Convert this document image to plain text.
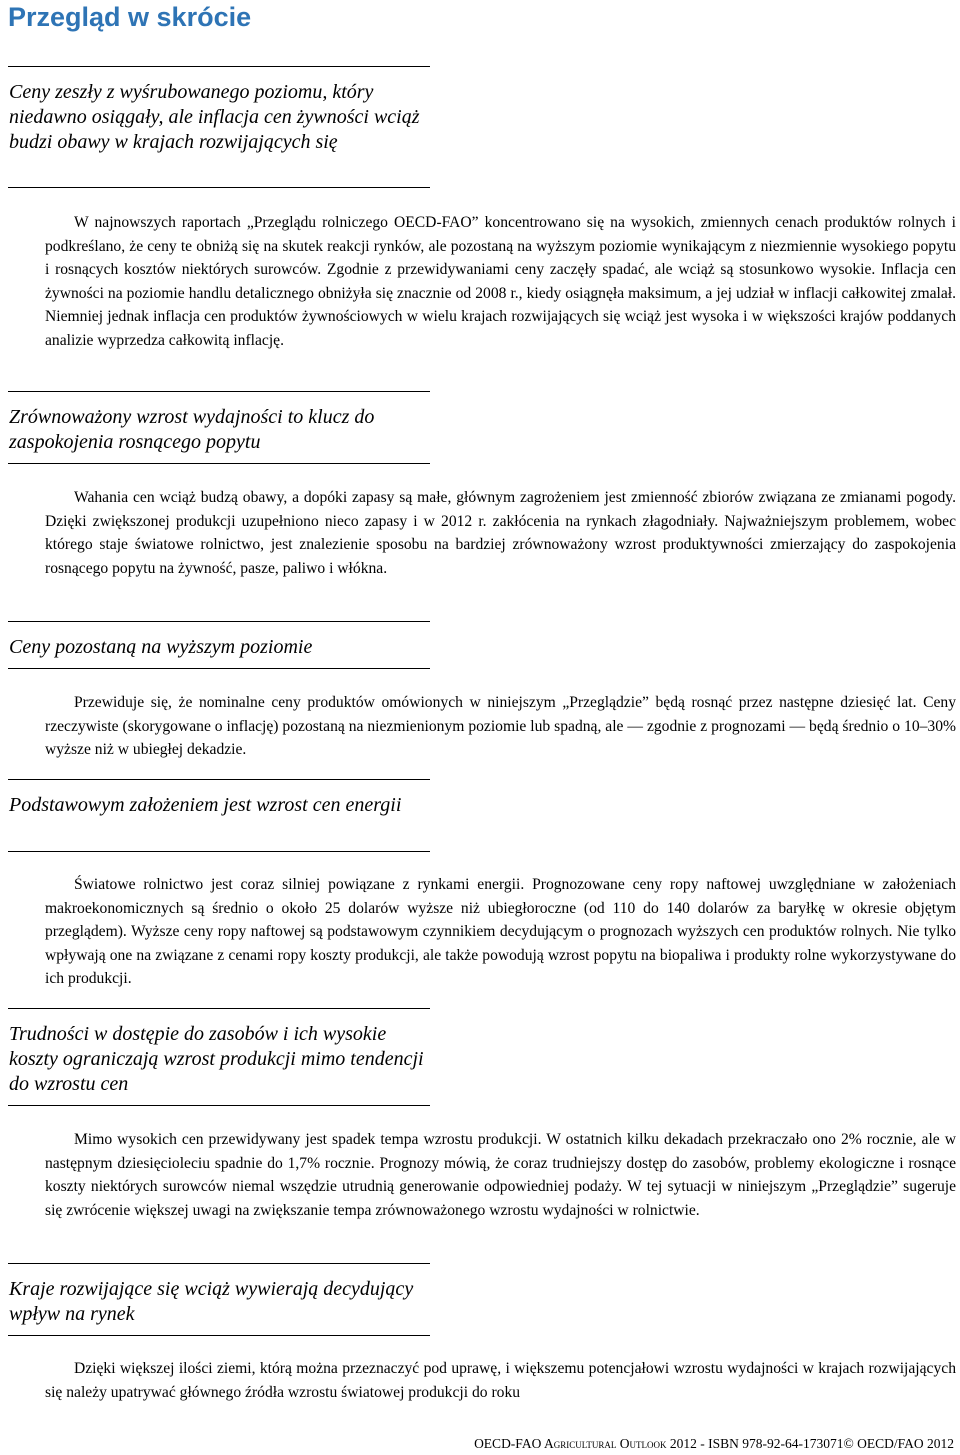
Przegląd w skrócie
Ceny zeszły z wyśrubowanego poziomu, który niedawno osiągały, ale inflacja cen żywności wciąż budzi obawy w krajach rozwijających się

W najnowszych raportach „Przeglądu rolniczego OECD-FAO” koncentrowano się na wysokich, zmiennych cenach produktów rolnych i podkreślano, że ceny te obniżą się na skutek reakcji rynków, ale pozostaną na wyższym poziomie wynikającym z niezmiennie wysokiego popytu i rosnących kosztów niektórych surowców. Zgodnie z przewidywaniami ceny zaczęły spadać, ale wciąż są stosunkowo wysokie. Inflacja cen żywności na poziomie handlu detalicznego obniżyła się znacznie od 2008 r., kiedy osiągnęła maksimum, a jej udział w inflacji całkowitej zmalał. Niemniej jednak inflacja cen produktów żywnościowych w wielu krajach rozwijających się wciąż jest wysoka i w większości krajów poddanych analizie wyprzedza całkowitą inflację.

Zrównoważony wzrost wydajności to klucz do zaspokojenia rosnącego popytu

Wahania cen wciąż budzą obawy, a dopóki zapasy są małe, głównym zagrożeniem jest zmienność zbiorów związana ze zmianami pogody. Dzięki zwiększonej produkcji uzupełniono nieco zapasy i w 2012 r. zakłócenia na rynkach złagodniały. Najważniejszym problemem, wobec którego staje światowe rolnictwo, jest znalezienie sposobu na bardziej zrównoważony wzrost produktywności zmierzający do zaspokojenia rosnącego popytu na żywność, pasze, paliwo i włókna.

Ceny pozostaną na wyższym poziomie

Przewiduje się, że nominalne ceny produktów omówionych w niniejszym „Przeglądzie” będą rosnąć przez następne dziesięć lat. Ceny rzeczywiste (skorygowane o inflację) pozostaną na niezmienionym poziomie lub spadną, ale — zgodnie z prognozami — będą średnio o 10–30% wyższe niż w ubiegłej dekadzie.

Podstawowym założeniem jest wzrost cen energii

Światowe rolnictwo jest coraz silniej powiązane z rynkami energii. Prognozowane ceny ropy naftowej uwzględniane w założeniach makroekonomicznych są średnio o około 25 dolarów wyższe niż ubiegłoroczne (od 110 do 140 dolarów za baryłkę w okresie objętym przeglądem). Wyższe ceny ropy naftowej są podstawowym czynnikiem decydującym o prognozach wyższych cen produktów rolnych. Nie tylko wpływają one na związane z cenami ropy koszty produkcji, ale także powodują wzrost popytu na biopaliwa i produkty rolne wykorzystywane do ich produkcji.

Trudności w dostępie do zasobów i ich wysokie koszty ograniczają wzrost produkcji mimo tendencji do wzrostu cen

Mimo wysokich cen przewidywany jest spadek tempa wzrostu produkcji. W ostatnich kilku dekadach przekraczało ono 2% rocznie, ale w następnym dziesięcioleciu spadnie do 1,7% rocznie. Prognozy mówią, że coraz trudniejszy dostęp do zasobów, problemy ekologiczne i rosnące koszty niektórych surowców niemal wszędzie utrudnią generowanie odpowiedniej podaży. W tej sytuacji w niniejszym „Przeglądzie” sugeruje się zwrócenie większej uwagi na zwiększanie tempa zrównoważonego wzrostu wydajności w rolnictwie.

Kraje rozwijające się wciąż wywierają decydujący wpływ na rynek

Dzięki większej ilości ziemi, którą można przeznaczyć pod uprawę, i większemu potencjałowi wzrostu wydajności w krajach rozwijających się należy upatrywać głównego źródła wzrostu światowej produkcji do roku

OECD-FAO Agricultural Outlook 2012 - ISBN 978-92-64-173071© OECD/FAO 2012
